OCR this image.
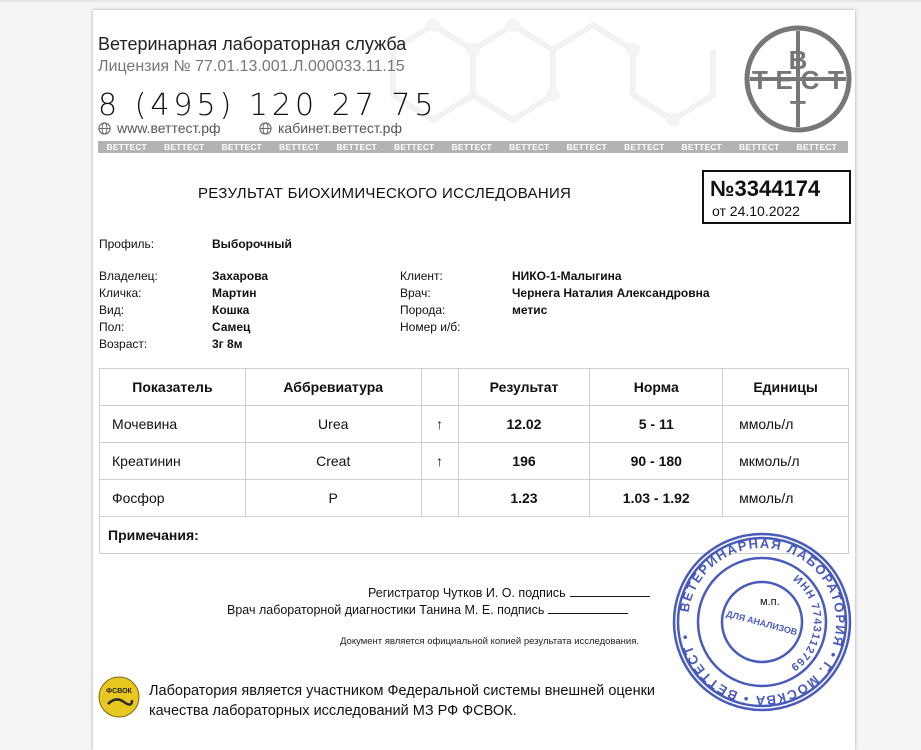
Ветеринарная лабораторная служба
Лицензия № 77.01.13.001.Л.000033.11.15
8 (495) 120 27 75
www.веттест.рф	кабинет.веттест.рф
В
Т Е С Т
Т
ВЕТТЕСТ	ВЕТТЕСТ	ВЕТТЕСТ	ВЕТТЕСТ	ВЕТТЕСТ	ВЕТТЕСТ	ВЕТТЕСТ	ВЕТТЕСТ	ВЕТТЕСТ	ВЕТТЕСТ	ВЕТТЕСТ	ВЕТТЕСТ	ВЕТТЕСТ
РЕЗУЛЬТАТ БИОХИМИЧЕСКОГО ИССЛЕДОВАНИЯ	№3344174
от 24.10.2022
Профиль:	Выборочный
Владелец:	Захарова
Кличка:	Мартин
Вид:	Кошка
Пол:	Самец
Возраст:	3г 8м
Клиент:	НИКО-1-Малыгина
Врач:	Чернега Наталия Александровна
Порода:	метис
Номер и/б:
Показатель	Аббревиатура		Результат	Норма	Единицы
Мочевина	Urea	↑	12.02	5 - 11	ммоль/л
Креатинин	Creat	↑	196	90 - 180	мкмоль/л
Фосфор	P		1.23	1.03 - 1.92	ммоль/л
Примечания:					
Регистратор Чутков И. О. подпись
Врач лабораторной диагностики Танина М. Е. подпись
м.п.
Документ является официальной копией результата исследования.
ФСВОК Лаборатория является участником Федеральной системы внешней оценки качества лабораторных исследований МЗ РФ ФСВОК.
ВЕТЕРИНАРНАЯ ЛАБОРАТОРИЯ • Г. МОСКВА • ВЕТТЕСТ •
ИНН 7743112769
ДЛЯ АНАЛИЗОВ
